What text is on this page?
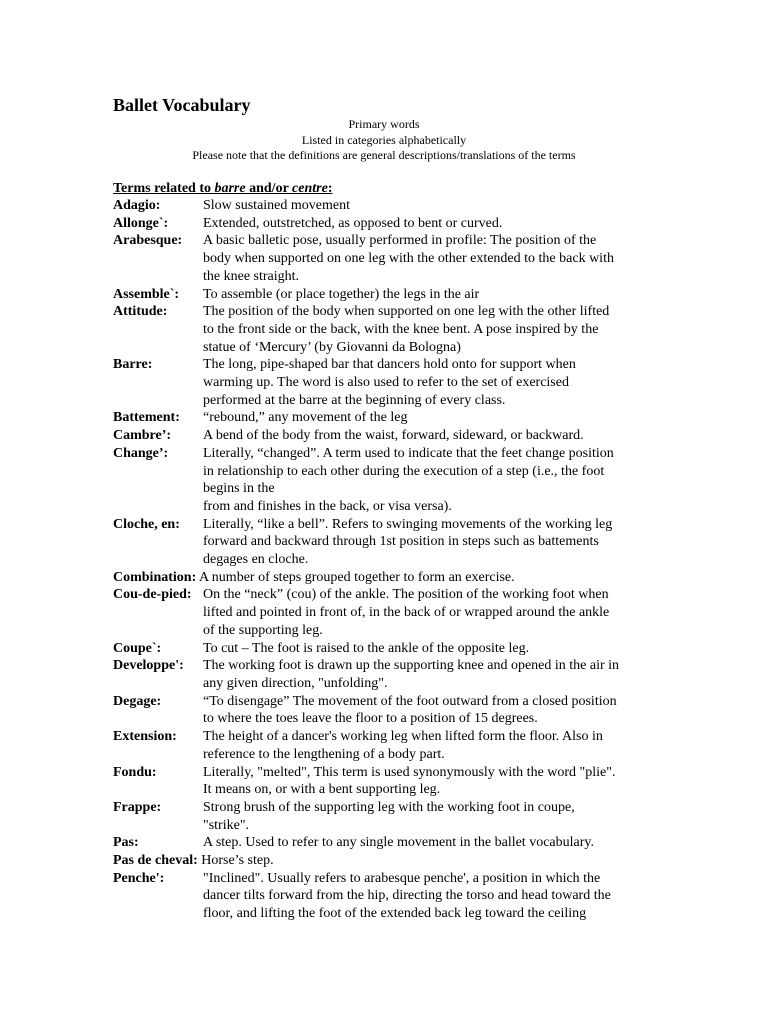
Ballet Vocabulary
Primary words
Listed in categories alphabetically
Please note that the definitions are general descriptions/translations of the terms
Terms related to barre and/or centre:
Adagio:	Slow sustained movement
Allonge`: Extended, outstretched, as opposed to bent or curved.
Arabesque: A basic balletic pose, usually performed in profile: The position of the
body when supported on one leg with the other extended to the back with
the knee straight.
Assemble`: To assemble (or place together) the legs in the air
Attitude:	The position of the body when supported on one leg with the other lifted
to the front side or the back, with the knee bent. A pose inspired by the
statue of ‘Mercury’ (by Giovanni da Bologna)
Barre:	The long, pipe-shaped bar that dancers hold onto for support when
warming up. The word is also used to refer to the set of exercised
performed at the barre at the beginning of every class.
Battement: “rebound,” any movement of the leg
Cambre’: A bend of the body from the waist, forward, sideward, or backward.
Change’: Literally, “changed”. A term used to indicate that the feet change position
in relationship to each other during the execution of a step (i.e., the foot
begins in the
from and finishes in the back, or visa versa).
Cloche, en: Literally, “like a bell”. Refers to swinging movements of the working leg
forward and backward through 1st position in steps such as battements
degages en cloche.
Combination: A number of steps grouped together to form an exercise.
Cou-de-pied: On the “neck” (cou) of the ankle. The position of the working foot when
lifted and pointed in front of, in the back of or wrapped around the ankle
of the supporting leg.
Coupe`:	To cut – The foot is raised to the ankle of the opposite leg.
Developpe': The working foot is drawn up the supporting knee and opened in the air in
any given direction, "unfolding".
Degage:	“To disengage” The movement of the foot outward from a closed position
to where the toes leave the floor to a position of 15 degrees.
Extension: The height of a dancer's working leg when lifted form the floor. Also in
reference to the lengthening of a body part.
Fondu:	Literally, "melted", This term is used synonymously with the word "plie".
It means on, or with a bent supporting leg.
Frappe:	Strong brush of the supporting leg with the working foot in coupe,
"strike".
Pas:	A step. Used to refer to any single movement in the ballet vocabulary.
Pas de cheval: Horse’s step.
Penche':	"Inclined". Usually refers to arabesque penche', a position in which the
dancer tilts forward from the hip, directing the torso and head toward the
floor, and lifting the foot of the extended back leg toward the ceiling
